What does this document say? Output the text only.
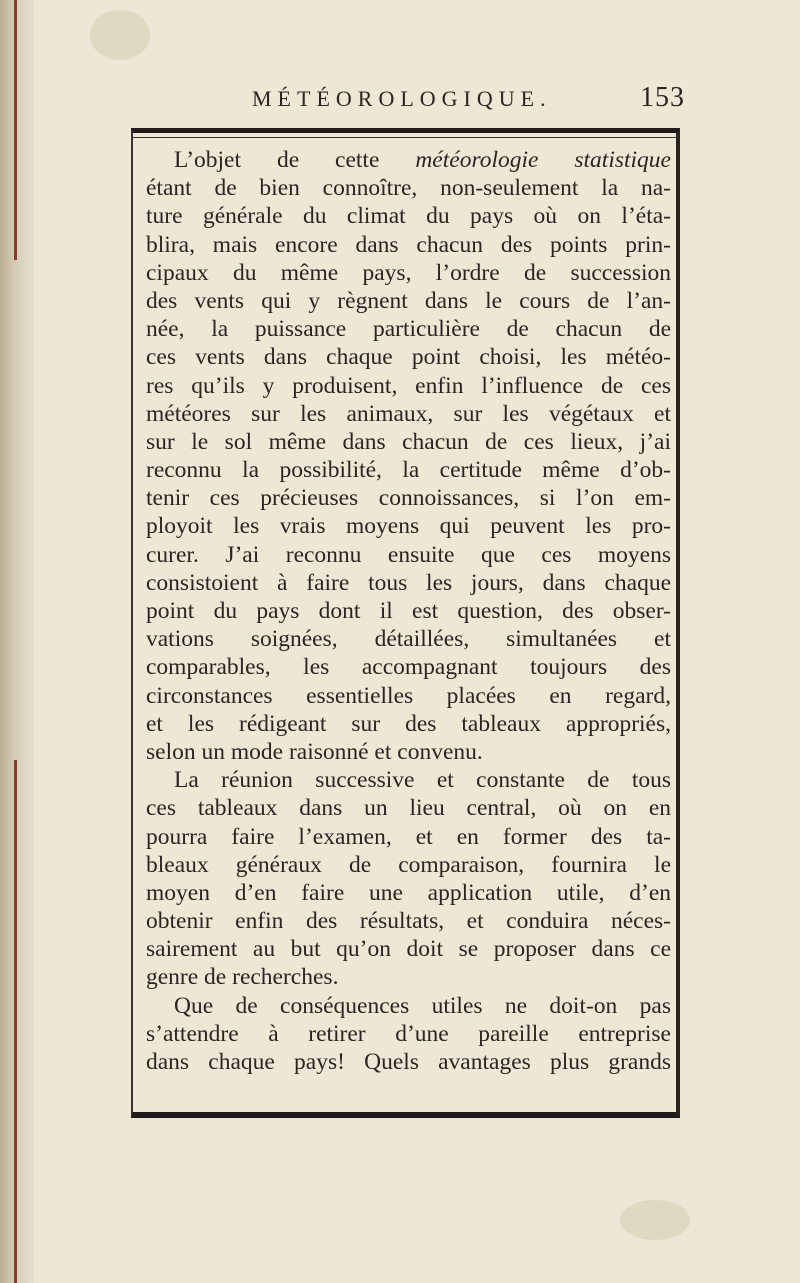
MÉTÉOROLOGIQUE.	153
L’objet de cette météorologie statistique
étant de bien connoître, non-seulement la na-
ture générale du climat du pays où on l’éta-
blira, mais encore dans chacun des points prin-
cipaux du même pays, l’ordre de succession
des vents qui y règnent dans le cours de l’an-
née, la puissance particulière de chacun de
ces vents dans chaque point choisi, les météo-
res qu’ils y produisent, enfin l’influence de ces
météores sur les animaux, sur les végétaux et
sur le sol même dans chacun de ces lieux, j’ai
reconnu la possibilité, la certitude même d’ob-
tenir ces précieuses connoissances, si l’on em-
ployoit les vrais moyens qui peuvent les pro-
curer. J’ai reconnu ensuite que ces moyens
consistoient à faire tous les jours, dans chaque
point du pays dont il est question, des obser-
vations soignées, détaillées, simultanées et
comparables, les accompagnant toujours des
circonstances essentielles placées en regard,
et les rédigeant sur des tableaux appropriés,
selon un mode raisonné et convenu.
La réunion successive et constante de tous
ces tableaux dans un lieu central, où on en
pourra faire l’examen, et en former des ta-
bleaux généraux de comparaison, fournira le
moyen d’en faire une application utile, d’en
obtenir enfin des résultats, et conduira néces-
sairement au but qu’on doit se proposer dans ce
genre de recherches.
Que de conséquences utiles ne doit-on pas
s’attendre à retirer d’une pareille entreprise
dans chaque pays! Quels avantages plus grands
